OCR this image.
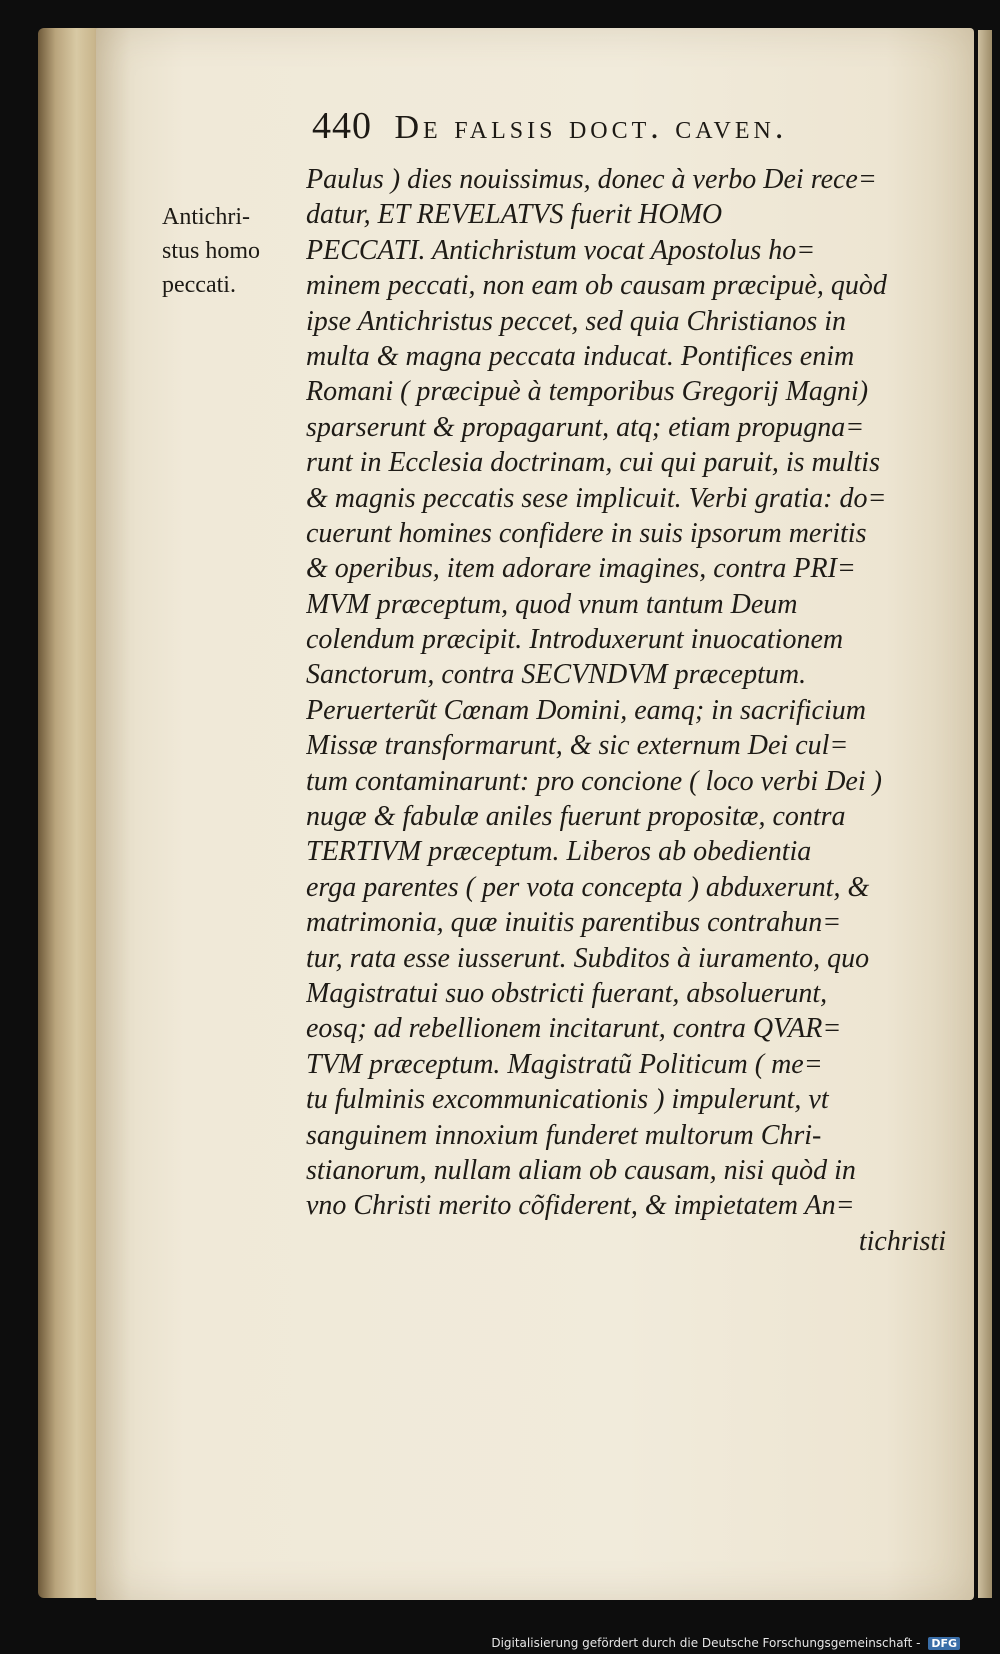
440 De falsis doct. caven.
Antichri-
stus homo
peccati.
Paulus ) dies nouissimus, donec à verbo Dei rece=
datur, ET REVELATVS fuerit HOMO
PECCATI. Antichristum vocat Apostolus ho=
minem peccati, non eam ob causam præcipuè, quòd
ipse Antichristus peccet, sed quia Christianos in
multa & magna peccata inducat. Pontifices enim
Romani ( præcipuè à temporibus Gregorij Magni)
sparserunt & propagarunt, atq; etiam propugna=
runt in Ecclesia doctrinam, cui qui paruit, is multis
& magnis peccatis sese implicuit. Verbi gratia: do=
cuerunt homines confidere in suis ipsorum meritis
& operibus, item adorare imagines, contra PRI=
MVM præceptum, quod vnum tantum Deum
colendum præcipit. Introduxerunt inuocationem
Sanctorum, contra SECVNDVM præceptum.
Peruerterũt Cœnam Domini, eamq; in sacrificium
Missæ transformarunt, & sic externum Dei cul=
tum contaminarunt: pro concione ( loco verbi Dei )
nugæ & fabulæ aniles fuerunt propositæ, contra
TERTIVM præceptum. Liberos ab obedientia
erga parentes ( per vota concepta ) abduxerunt, &
matrimonia, quæ inuitis parentibus contrahun=
tur, rata esse iusserunt. Subditos à iuramento, quo
Magistratui suo obstricti fuerant, absoluerunt,
eosq; ad rebellionem incitarunt, contra QVAR=
TVM præceptum. Magistratũ Politicum ( me=
tu fulminis excommunicationis ) impulerunt, vt
sanguinem innoxium funderet multorum Chri-
stianorum, nullam aliam ob causam, nisi quòd in
vno Christi merito cõfiderent, & impietatem An=
tichristi
Digitalisierung gefördert durch die Deutsche Forschungsgemeinschaft - DFG
